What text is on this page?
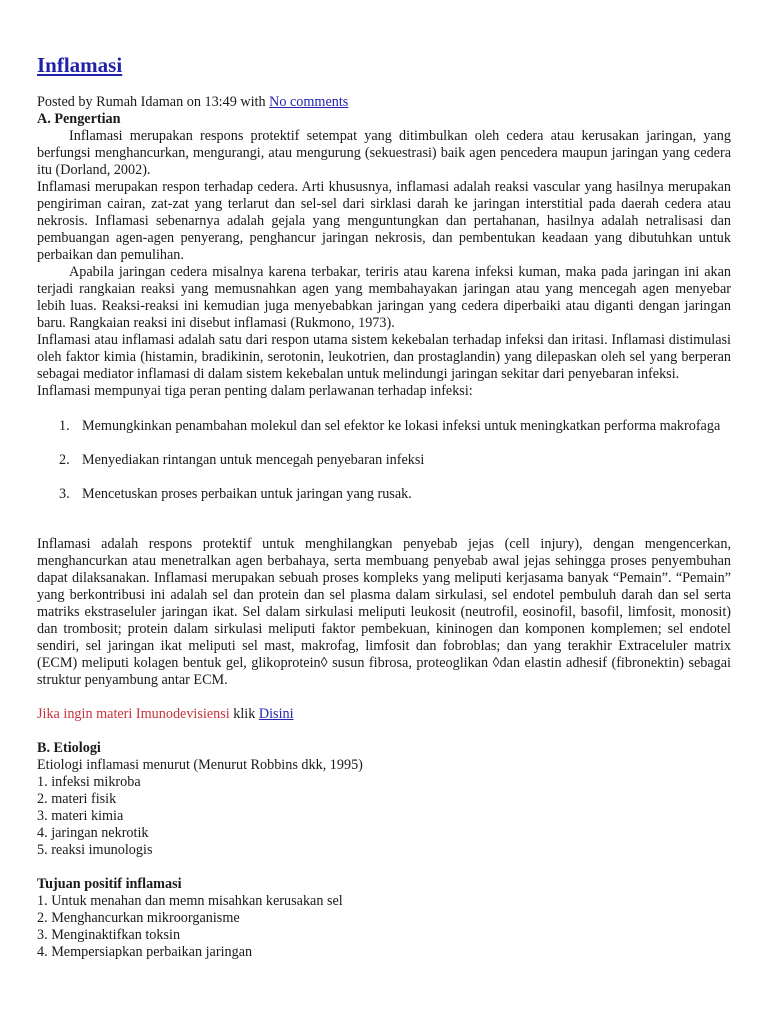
Inflamasi
Posted by Rumah Idaman on 13:49 with No comments
A. Pengertian

Inflamasi merupakan respons protektif setempat yang ditimbulkan oleh cedera atau kerusakan jaringan, yang berfungsi menghancurkan, mengurangi, atau mengurung (sekuestrasi) baik agen pencedera maupun jaringan yang cedera itu (Dorland, 2002).

Inflamasi merupakan respon terhadap cedera. Arti khususnya, inflamasi adalah reaksi vascular yang hasilnya merupakan pengiriman cairan, zat-zat yang terlarut dan sel-sel dari sirklasi darah ke jaringan interstitial pada daerah cedera atau nekrosis. Inflamasi sebenarnya adalah gejala yang menguntungkan dan pertahanan, hasilnya adalah netralisasi dan pembuangan agen-agen penyerang, penghancur jaringan nekrosis, dan pembentukan keadaan yang dibutuhkan untuk perbaikan dan pemulihan.

Apabila jaringan cedera misalnya karena terbakar, teriris atau karena infeksi kuman, maka pada jaringan ini akan terjadi rangkaian reaksi yang memusnahkan agen yang membahayakan jaringan atau yang mencegah agen menyebar lebih luas. Reaksi-reaksi ini kemudian juga menyebabkan jaringan yang cedera diperbaiki atau diganti dengan jaringan baru. Rangkaian reaksi ini disebut inflamasi (Rukmono, 1973).

Inflamasi atau inflamasi adalah satu dari respon utama sistem kekebalan terhadap infeksi dan iritasi. Inflamasi distimulasi oleh faktor kimia (histamin, bradikinin, serotonin, leukotrien, dan prostaglandin) yang dilepaskan oleh sel yang berperan sebagai mediator inflamasi di dalam sistem kekebalan untuk melindungi jaringan sekitar dari penyebaran infeksi.

Inflamasi mempunyai tiga peran penting dalam perlawanan terhadap infeksi:

1. Memungkinkan penambahan molekul dan sel efektor ke lokasi infeksi untuk meningkatkan performa makrofaga
2. Menyediakan rintangan untuk mencegah penyebaran infeksi
3. Mencetuskan proses perbaikan untuk jaringan yang rusak.

Inflamasi adalah respons protektif untuk menghilangkan penyebab jejas (cell injury), dengan mengencerkan, menghancurkan atau menetralkan agen berbahaya, serta membuang penyebab awal jejas sehingga proses penyembuhan dapat dilaksanakan. Inflamasi merupakan sebuah proses kompleks yang meliputi kerjasama banyak “Pemain”. “Pemain” yang berkontribusi ini adalah sel dan protein dan sel plasma dalam sirkulasi, sel endotel pembuluh darah dan sel serta matriks ekstraseluler jaringan ikat. Sel dalam sirkulasi meliputi leukosit (neutrofil, eosinofil, basofil, limfosit, monosit) dan trombosit; protein dalam sirkulasi meliputi faktor pembekuan, kininogen dan komponen komplemen; sel endotel sendiri, sel jaringan ikat meliputi sel mast, makrofag, limfosit dan fobroblas; dan yang terakhir Extraceluler matrix (ECM) meliputi kolagen bentuk gel, glikoprotein◊ susun fibrosa, proteoglikan ◊dan elastin adhesif (fibronektin) sebagai struktur penyambung antar ECM.

Jika ingin materi Imunodevisiensi klik Disini
B. Etiologi
Etiologi inflamasi menurut (Menurut Robbins dkk, 1995)
1. infeksi mikroba
2. materi fisik
3. materi kimia
4. jaringan nekrotik
5. reaksi imunologis
Tujuan positif inflamasi
1. Untuk menahan dan memn misahkan kerusakan sel
2. Menghancurkan mikroorganisme
3. Menginaktifkan toksin
4. Mempersiapkan perbaikan jaringan
